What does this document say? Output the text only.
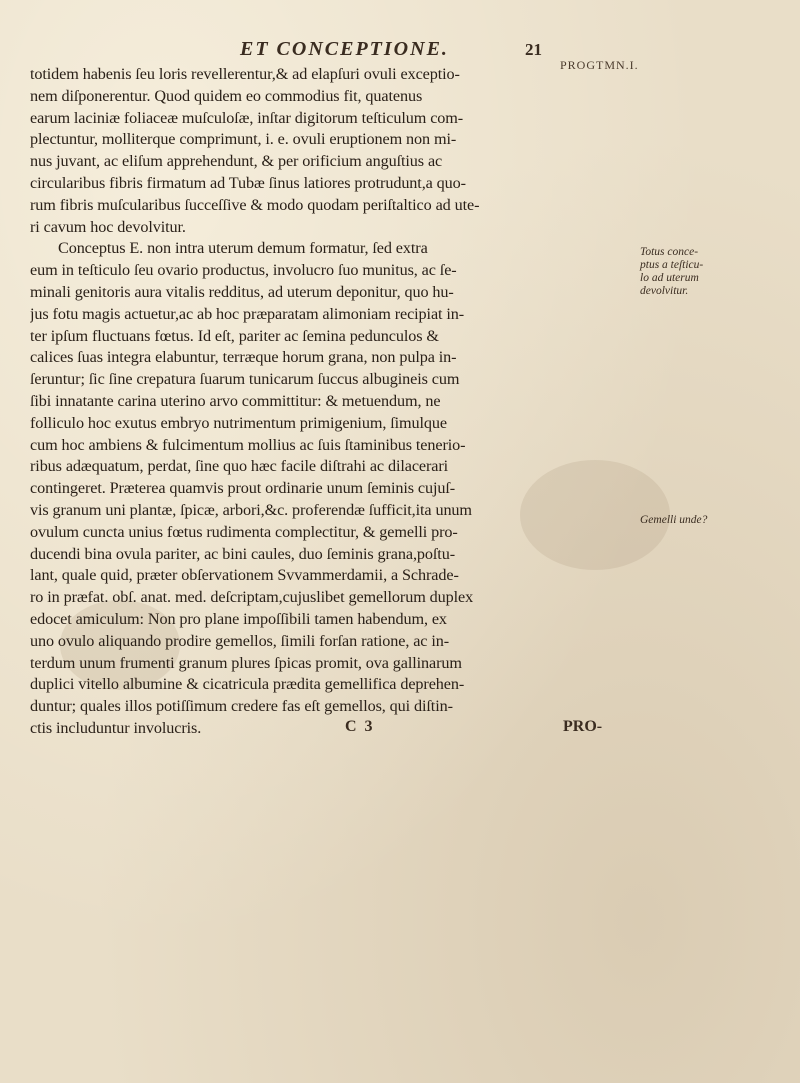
ET CONCEPTIONE.	21
PROGTMN.I.
totidem habenis ſeu loris revellerentur,& ad elapſuri ovuli exceptio-
nem diſponerentur. Quod quidem eo commodius fit, quatenus
earum laciniæ foliaceæ muſculoſæ, inſtar digitorum teſticulum com-
plectuntur, molliterque comprimunt, i. e. ovuli eruptionem non mi-
nus juvant, ac eliſum apprehendunt, & per orificium anguſtius ac
circularibus fibris firmatum ad Tubæ ſinus latiores protrudunt,a quo-
rum fibris muſcularibus ſucceſſive & modo quodam periſtaltico ad ute-
ri cavum hoc devolvitur.
Conceptus E. non intra uterum demum formatur, ſed extra
eum in teſticulo ſeu ovario productus, involucro ſuo munitus, ac ſe-
minali genitoris aura vitalis redditus, ad uterum deponitur, quo hu-
jus fotu magis actuetur,ac ab hoc præparatam alimoniam recipiat in-
ter ipſum fluctuans fœtus. Id eſt, pariter ac ſemina pedunculos &
calices ſuas integra elabuntur, terræque horum grana, non pulpa in-
ſeruntur; ſic ſine crepatura ſuarum tunicarum ſuccus albugineis cum
ſibi innatante carina uterino arvo committitur: & metuendum, ne
folliculo hoc exutus embryo nutrimentum primigenium, ſimulque
cum hoc ambiens & fulcimentum mollius ac ſuis ſtaminibus tenerio-
ribus adæquatum, perdat, ſine quo hæc facile diſtrahi ac dilacerari
contingeret. Præterea quamvis prout ordinarie unum ſeminis cujuſ-
vis granum uni plantæ, ſpicæ, arbori,&c. proferendæ ſufficit,ita unum
ovulum cuncta unius fœtus rudimenta complectitur, & gemelli pro-
ducendi bina ovula pariter, ac bini caules, duo ſeminis grana,poſtu-
lant, quale quid, præter obſervationem Svvammerdamii, a Schrade-
ro in præfat. obſ. anat. med. deſcriptam,cujuslibet gemellorum duplex
edocet amiculum: Non pro plane impoſſibili tamen habendum, ex
uno ovulo aliquando prodire gemellos, ſimili forſan ratione, ac in-
terdum unum frumenti granum plures ſpicas promit, ova gallinarum
duplici vitello albumine & cicatricula prædita gemellifica deprehen-
duntur; quales illos potiſſimum credere fas eſt gemellos, qui diſtin-
ctis includuntur involucris.
Totus conce-
ptus a teſticu-
lo ad uterum
devolvitur.
Gemelli unde?
C 3	PRO-
